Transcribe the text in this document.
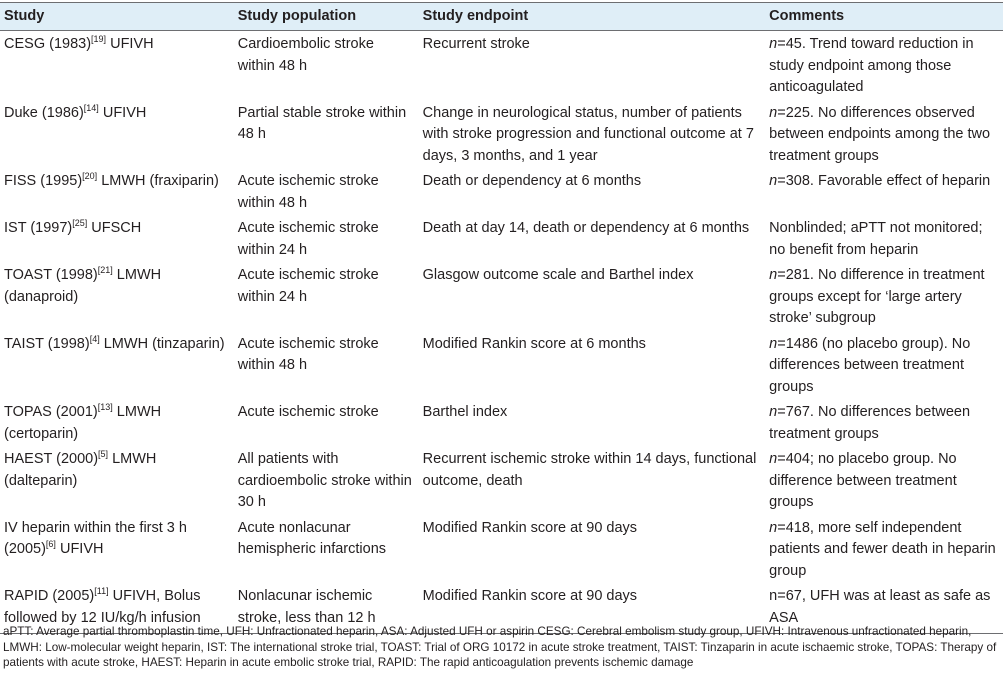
Study	Study population	Study endpoint	Comments
CESG (1983)[19] UFIVH	Cardioembolic stroke within 48 h	Recurrent stroke	n=45. Trend toward reduction in study endpoint among those anticoagulated
Duke (1986)[14] UFIVH	Partial stable stroke within 48 h	Change in neurological status, number of patients with stroke progression and functional outcome at 7 days, 3 months, and 1 year	n=225. No differences observed between endpoints among the two treatment groups
FISS (1995)[20] LMWH (fraxiparin)	Acute ischemic stroke within 48 h	Death or dependency at 6 months	n=308. Favorable effect of heparin
IST (1997)[25] UFSCH	Acute ischemic stroke within 24 h	Death at day 14, death or dependency at 6 months	Nonblinded; aPTT not monitored; no benefit from heparin
TOAST (1998)[21] LMWH (danaproid)	Acute ischemic stroke within 24 h	Glasgow outcome scale and Barthel index	n=281. No difference in treatment groups except for ‘large artery stroke’ subgroup
TAIST (1998)[4] LMWH (tinzaparin)	Acute ischemic stroke within 48 h	Modified Rankin score at 6 months	n=1486 (no placebo group). No differences between treatment groups
TOPAS (2001)[13] LMWH (certoparin)	Acute ischemic stroke	Barthel index	n=767. No differences between treatment groups
HAEST (2000)[5] LMWH (dalteparin)	All patients with cardioembolic stroke within 30 h	Recurrent ischemic stroke within 14 days, functional outcome, death	n=404; no placebo group. No difference between treatment groups
IV heparin within the first 3 h (2005)[6] UFIVH	Acute nonlacunar hemispheric infarctions	Modified Rankin score at 90 days	n=418, more self independent patients and fewer death in heparin group
RAPID (2005)[11] UFIVH, Bolus followed by 12 IU/kg/h infusion	Nonlacunar ischemic stroke, less than 12 h	Modified Rankin score at 90 days	n=67, UFH was at least as safe as ASA
aPTT: Average partial thromboplastin time, UFH: Unfractionated heparin, ASA: Adjusted UFH or aspirin CESG: Cerebral embolism study group, UFIVH: Intravenous unfractionated heparin, LMWH: Low-molecular weight heparin, IST: The international stroke trial, TOAST: Trial of ORG 10172 in acute stroke treatment, TAIST: Tinzaparin in acute ischaemic stroke, TOPAS: Therapy of patients with acute stroke, HAEST: Heparin in acute embolic stroke trial, RAPID: The rapid anticoagulation prevents ischemic damage
